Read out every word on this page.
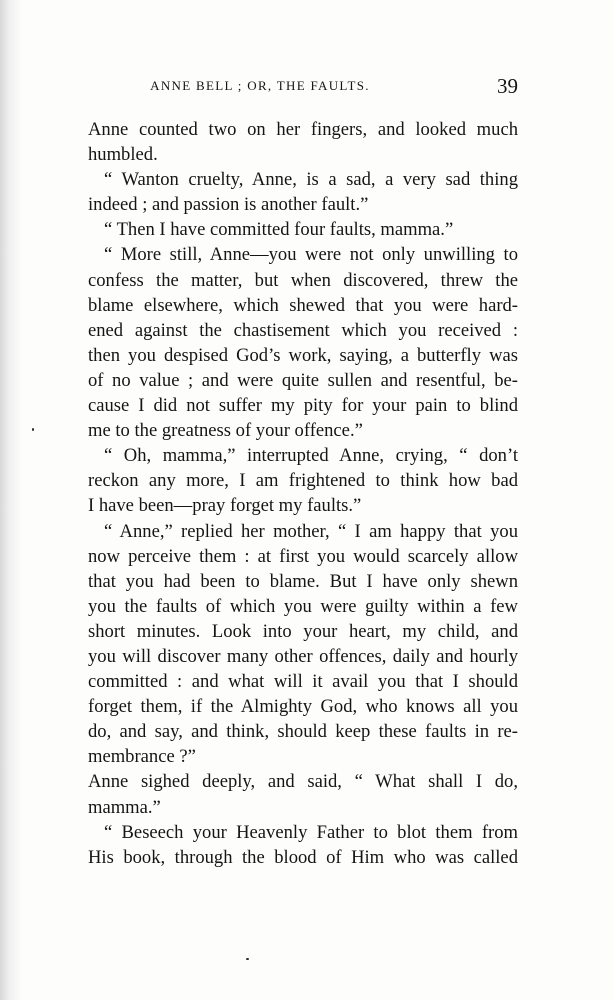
ANNE BELL ; OR, THE FAULTS.	39
Anne counted two on her fingers, and looked much
humbled.
“ Wanton cruelty, Anne, is a sad, a very sad thing
indeed ; and passion is another fault.”
“ Then I have committed four faults, mamma.”
“ More still, Anne—you were not only unwilling to
confess the matter, but when discovered, threw the
blame elsewhere, which shewed that you were hard-
ened against the chastisement which you received :
then you despised God’s work, saying, a butterfly was
of no value ; and were quite sullen and resentful, be-
cause I did not suffer my pity for your pain to blind
me to the greatness of your offence.”
“ Oh, mamma,” interrupted Anne, crying, “ don’t
reckon any more, I am frightened to think how bad
I have been—pray forget my faults.”
“ Anne,” replied her mother, “ I am happy that you
now perceive them : at first you would scarcely allow
that you had been to blame. But I have only shewn
you the faults of which you were guilty within a few
short minutes. Look into your heart, my child, and
you will discover many other offences, daily and hourly
committed : and what will it avail you that I should
forget them, if the Almighty God, who knows all you
do, and say, and think, should keep these faults in re-
membrance ?”
Anne sighed deeply, and said, “ What shall I do,
mamma.”
“ Beseech your Heavenly Father to blot them from
His book, through the blood of Him who was called
